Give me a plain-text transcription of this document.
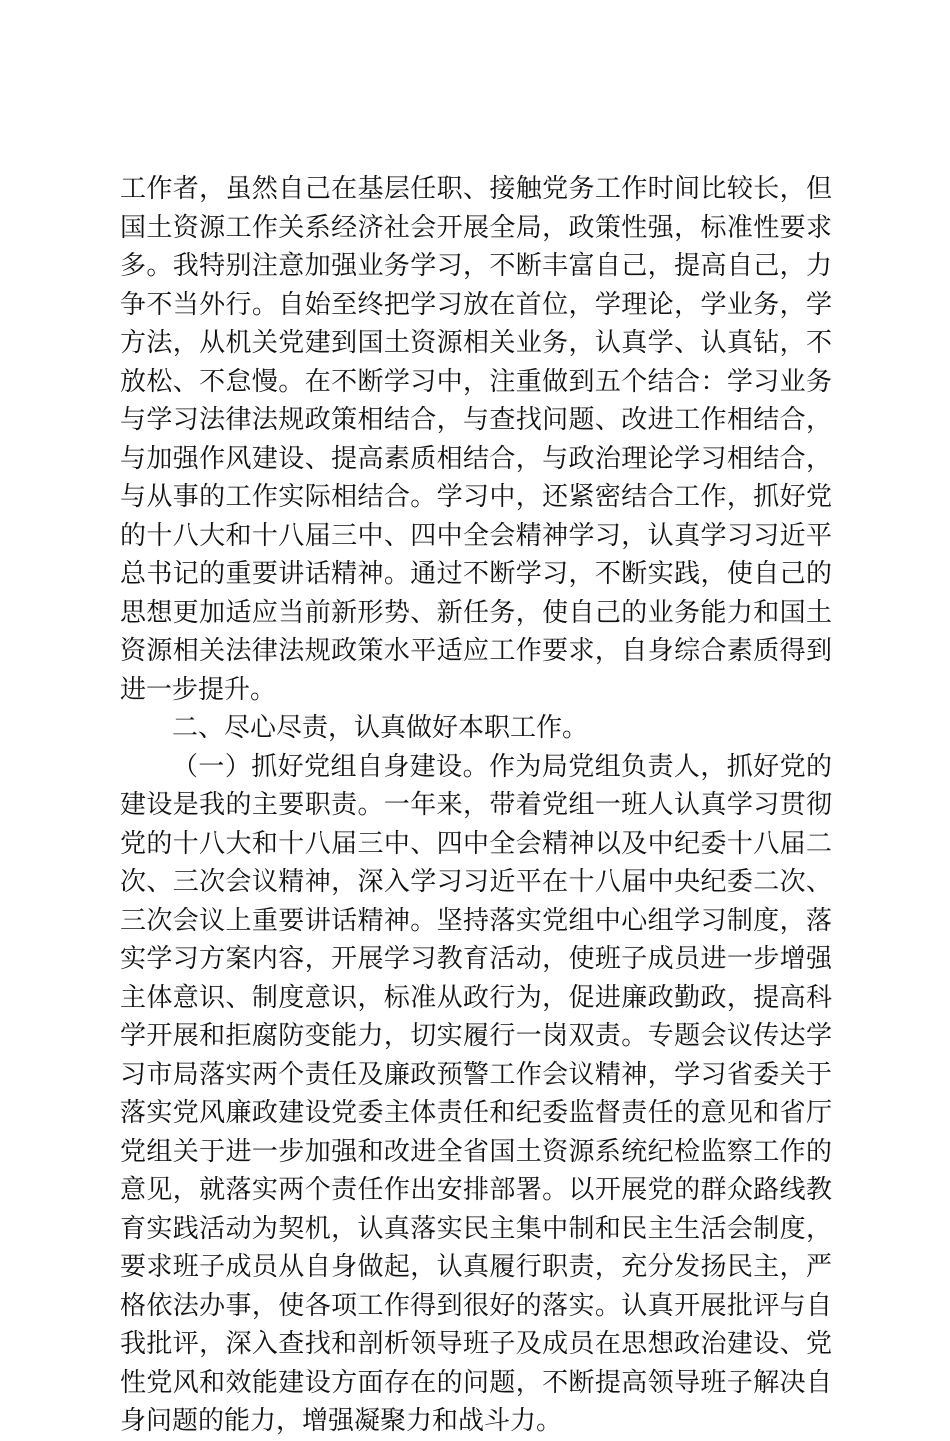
工作者，虽然自己在基层任职、接触党务工作时间比较长，但国土资源工作关系经济社会开展全局，政策性强，标准性要求多。我特别注意加强业务学习，不断丰富自己，提高自己，力争不当外行。自始至终把学习放在首位，学理论，学业务，学方法，从机关党建到国土资源相关业务，认真学、认真钻，不放松、不怠慢。在不断学习中，注重做到五个结合：学习业务与学习法律法规政策相结合，与查找问题、改进工作相结合，与加强作风建设、提高素质相结合，与政治理论学习相结合，与从事的工作实际相结合。学习中，还紧密结合工作，抓好党的十八大和十八届三中、四中全会精神学习，认真学习习近平总书记的重要讲话精神。通过不断学习，不断实践，使自己的思想更加适应当前新形势、新任务，使自己的业务能力和国土资源相关法律法规政策水平适应工作要求，自身综合素质得到进一步提升。

二、尽心尽责，认真做好本职工作。

（一）抓好党组自身建设。作为局党组负责人，抓好党的建设是我的主要职责。一年来，带着党组一班人认真学习贯彻党的十八大和十八届三中、四中全会精神以及中纪委十八届二次、三次会议精神，深入学习习近平在十八届中央纪委二次、三次会议上重要讲话精神。坚持落实党组中心组学习制度，落实学习方案内容，开展学习教育活动，使班子成员进一步增强主体意识、制度意识，标准从政行为，促进廉政勤政，提高科学开展和拒腐防变能力，切实履行一岗双责。专题会议传达学习市局落实两个责任及廉政预警工作会议精神，学习省委关于落实党风廉政建设党委主体责任和纪委监督责任的意见和省厅党组关于进一步加强和改进全省国土资源系统纪检监察工作的意见，就落实两个责任作出安排部署。以开展党的群众路线教育实践活动为契机，认真落实民主集中制和民主生活会制度，要求班子成员从自身做起，认真履行职责，充分发扬民主，严格依法办事，使各项工作得到很好的落实。认真开展批评与自我批评，深入查找和剖析领导班子及成员在思想政治建设、党性党风和效能建设方面存在的问题，不断提高领导班子解决自身问题的能力，增强凝聚力和战斗力。
